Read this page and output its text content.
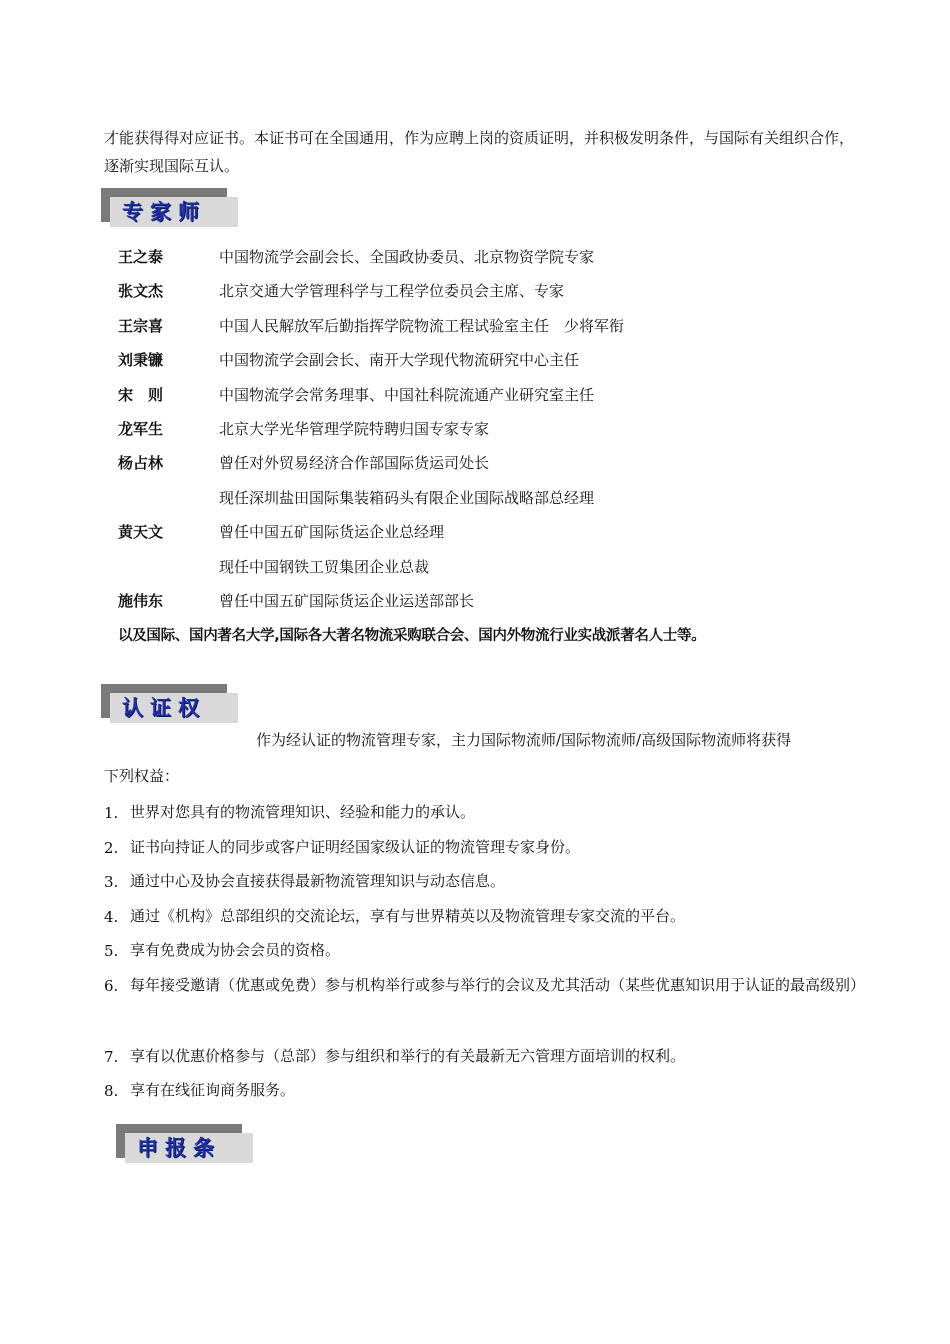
才能获得得对应证书。本证书可在全国通用，作为应聘上岗的资质证明，并积极发明条件，与国际有关组织合作，逐渐实现国际互认。

专家师
王之泰	中国物流学会副会长、全国政协委员、北京物资学院专家
张文杰	北京交通大学管理科学与工程学位委员会主席、专家
王宗喜	中国人民解放军后勤指挥学院物流工程试验室主任　少将军衔
刘秉镰	中国物流学会副会长、南开大学现代物流研究中心主任
宋　则	中国物流学会常务理事、中国社科院流通产业研究室主任
龙军生	北京大学光华管理学院特聘归国专家专家
杨占林	曾任对外贸易经济合作部国际货运司处长
现任深圳盐田国际集装箱码头有限企业国际战略部总经理
黄天文	曾任中国五矿国际货运企业总经理
现任中国钢铁工贸集团企业总裁
施伟东	曾任中国五矿国际货运企业运送部部长
以及国际、国内著名大学,国际各大著名物流采购联合会、国内外物流行业实战派著名人士等。
认证权
作为经认证的物流管理专家，主力国际物流师/国际物流师/高级国际物流师将获得
下列权益：
1. 世界对您具有的物流管理知识、经验和能力的承认。
2. 证书向持证人的同步或客户证明经国家级认证的物流管理专家身份。
3. 通过中心及协会直接获得最新物流管理知识与动态信息。
4. 通过《机构》总部组织的交流论坛，享有与世界精英以及物流管理专家交流的平台。
5. 享有免费成为协会会员的资格。
6. 每年接受邀请（优惠或免费）参与机构举行或参与举行的会议及尤其活动（某些优惠知识用于认证的最高级别）
7. 享有以优惠价格参与（总部）参与组织和举行的有关最新无六管理方面培训的权利。
8. 享有在线征询商务服务。
申报条
